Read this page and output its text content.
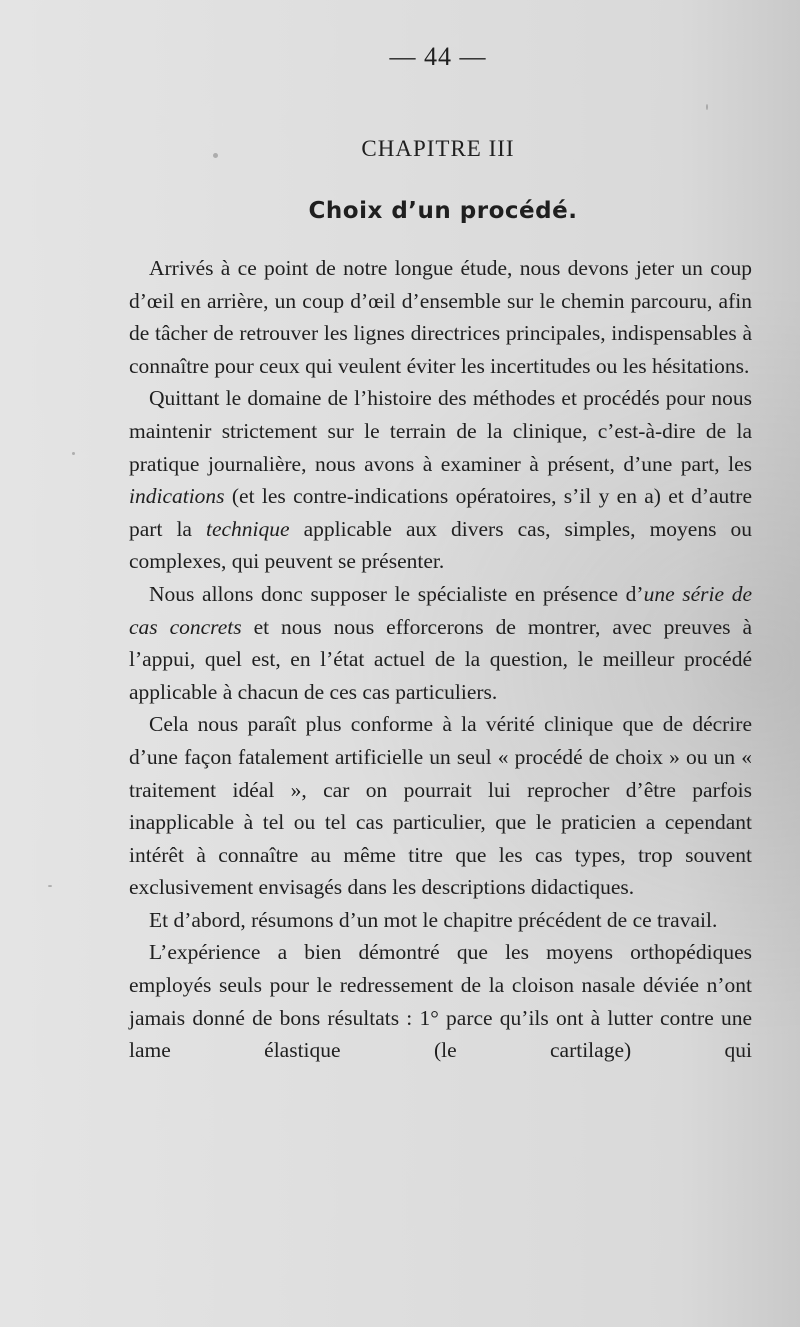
— 44 —
CHAPITRE III
Choix d’un procédé.

Arrivés à ce point de notre longue étude, nous devons jeter un coup d’œil en arrière, un coup d’œil d’ensemble sur le chemin parcouru, afin de tâcher de retrouver les lignes directrices principales, indispensables à connaître pour ceux qui veulent éviter les incertitudes ou les hésitations.

Quittant le domaine de l’histoire des méthodes et procédés pour nous maintenir strictement sur le terrain de la clinique, c’est-à-dire de la pratique journalière, nous avons à examiner à présent, d’une part, les indications (et les contre-indications opératoires, s’il y en a) et d’autre part la technique applicable aux divers cas, simples, moyens ou complexes, qui peuvent se présenter.

Nous allons donc supposer le spécialiste en présence d’une série de cas concrets et nous nous efforcerons de montrer, avec preuves à l’appui, quel est, en l’état actuel de la question, le meilleur procédé applicable à chacun de ces cas particuliers.

Cela nous paraît plus conforme à la vérité clinique que de décrire d’une façon fatalement artificielle un seul « procédé de choix » ou un « traitement idéal », car on pourrait lui reprocher d’être parfois inapplicable à tel ou tel cas particulier, que le praticien a cependant intérêt à connaître au même titre que les cas types, trop souvent exclusivement envisagés dans les descriptions didactiques.

Et d’abord, résumons d’un mot le chapitre précédent de ce travail.

L’expérience a bien démontré que les moyens orthopédiques employés seuls pour le redressement de la cloison nasale déviée n’ont jamais donné de bons résultats : 1° parce qu’ils ont à lutter contre une lame élastique (le cartilage) qui
